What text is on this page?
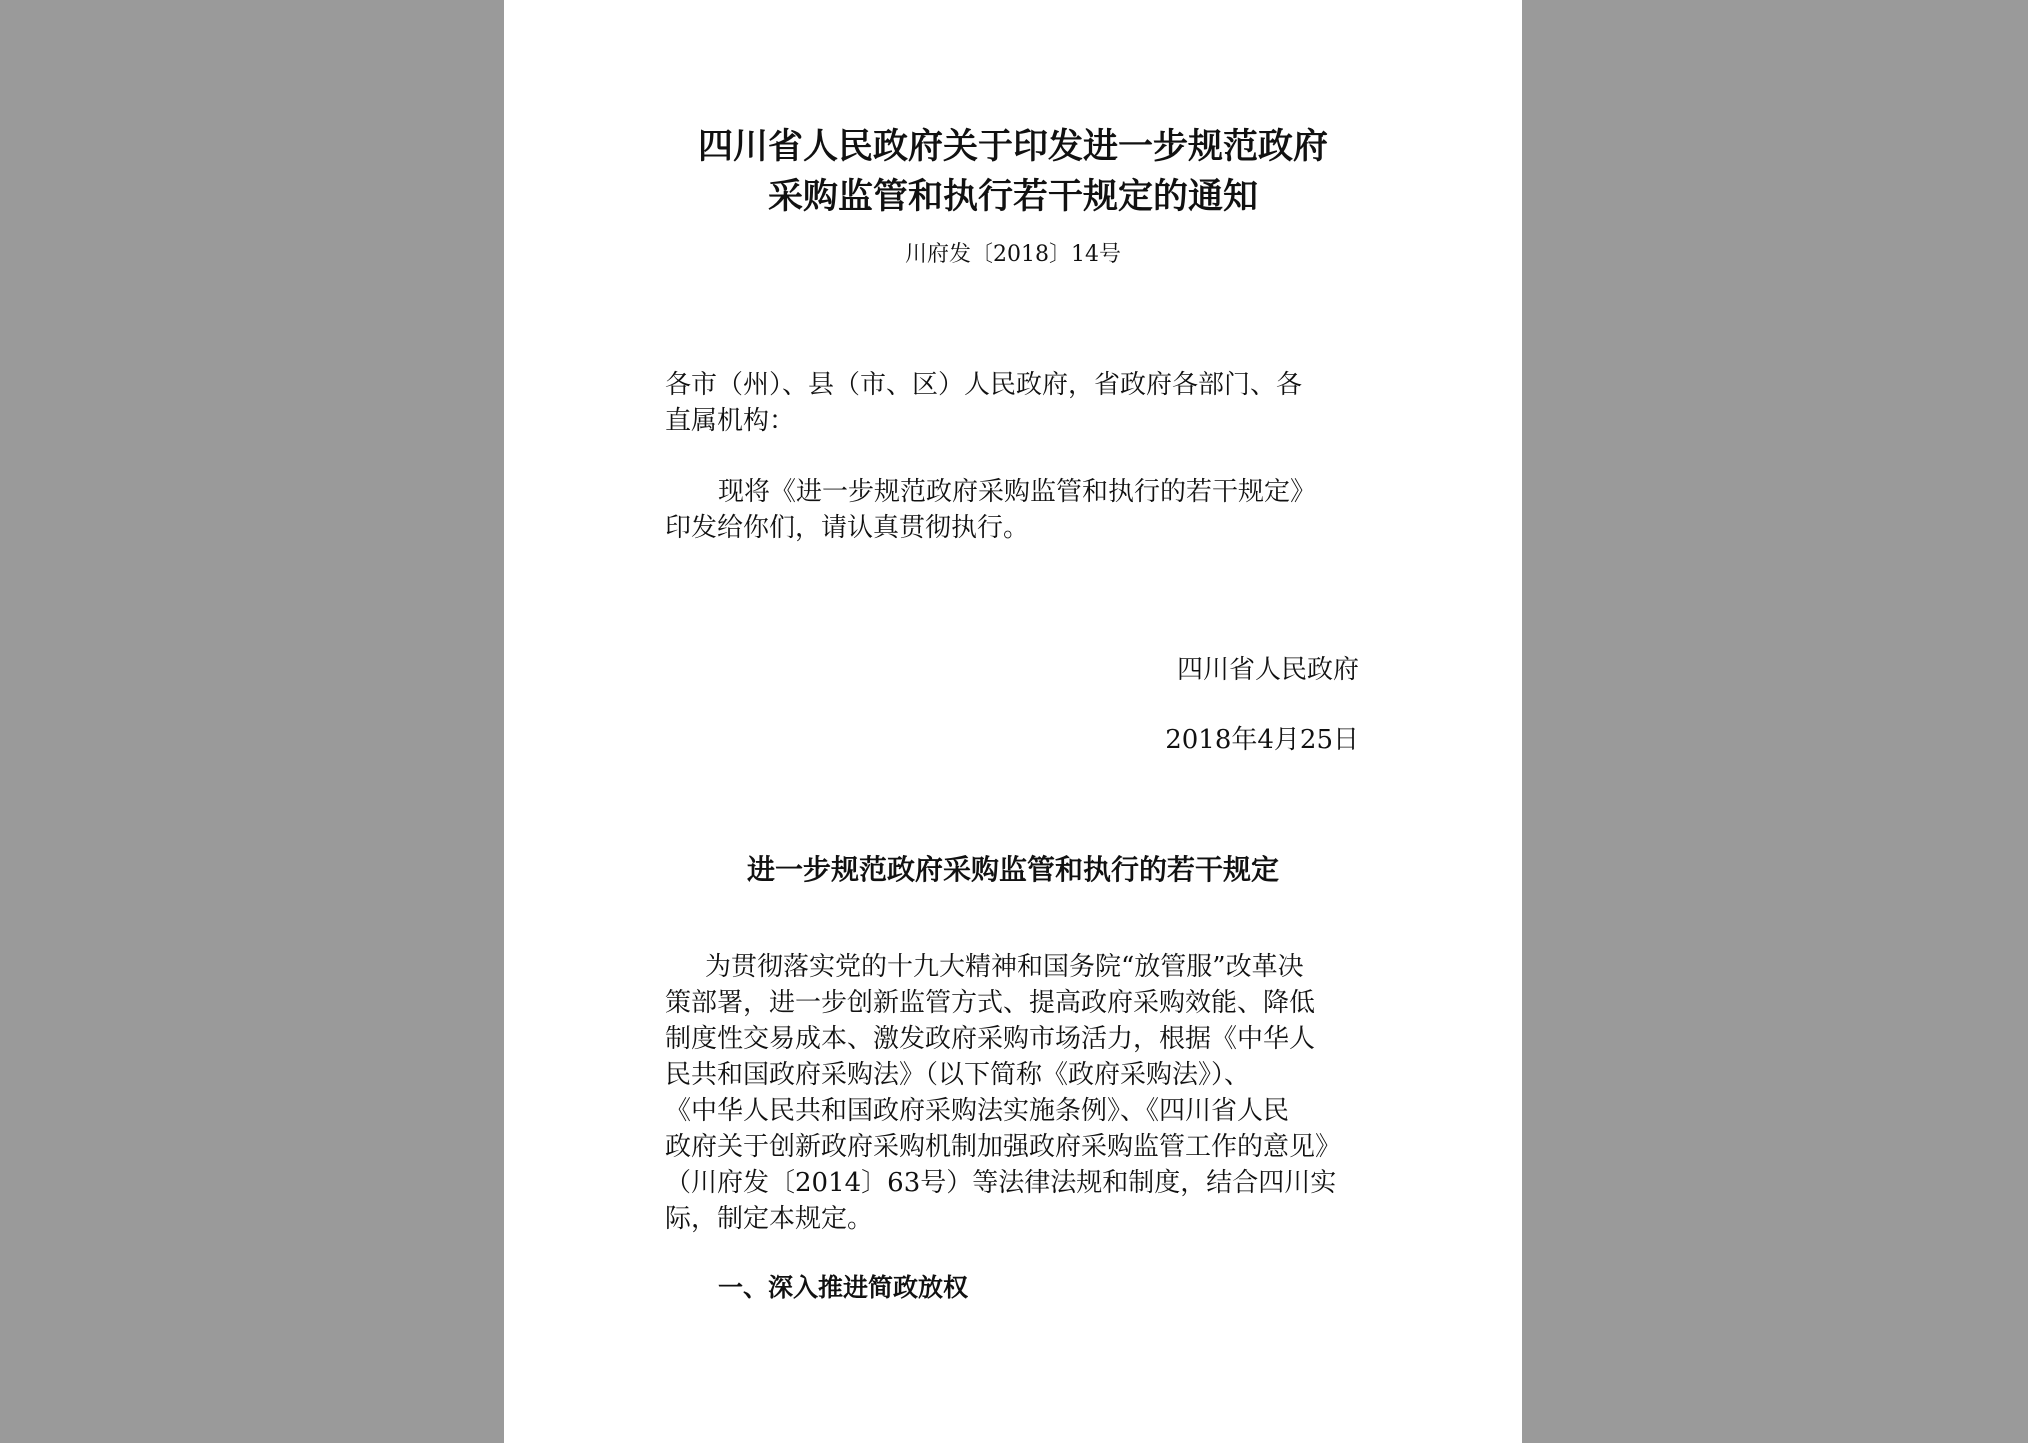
四川省人民政府关于印发进一步规范政府
采购监管和执行若干规定的通知
川府发〔2018〕14号
各市（州）、县（市、区）人民政府，省政府各部门、各
直属机构：
现将《进一步规范政府采购监管和执行的若干规定》
印发给你们，请认真贯彻执行。
四川省人民政府
2018年4月25日
进一步规范政府采购监管和执行的若干规定
为贯彻落实党的十九大精神和国务院“放管服”改革决
策部署，进一步创新监管方式、提高政府采购效能、降低
制度性交易成本、激发政府采购市场活力，根据《中华人
民共和国政府采购法》（以下简称《政府采购法》）、
《中华人民共和国政府采购法实施条例》、《四川省人民
政府关于创新政府采购机制加强政府采购监管工作的意见》
（川府发〔2014〕63号）等法律法规和制度，结合四川实
际，制定本规定。
一、深入推进简政放权
